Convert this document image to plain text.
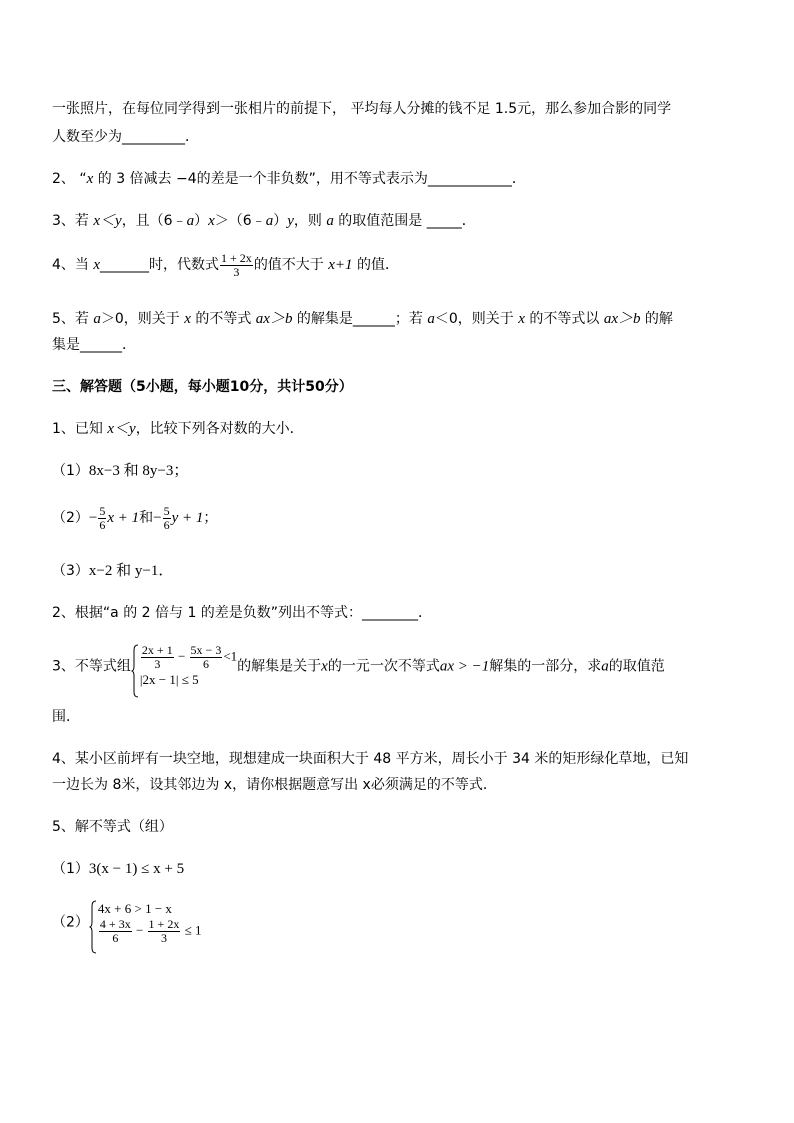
一张照片，在每位同学得到一张相片的前提下， 平均每人分摊的钱不足 1.5元，那么参加合影的同学
人数至少为_________．
2、 “x 的 3 倍减去 −4的差是一个非负数”，用不等式表示为____________．
3、若 x＜y，且（6﹣a）x＞（6﹣a）y，则 a 的取值范围是 _____．
4、当 x_______时，代数式 $\frac{1 + 2x}{3}$ 的值不大于 x+1 的值．
5、若 a＞0，则关于 x 的不等式 ax＞b 的解集是______；若 a＜0，则关于 x 的不等式以 ax＞b 的解
集是______．
三、解答题（5小题，每小题10分，共计50分）
1、已知 x＜y，比较下列各对数的大小．
（1）8x−3 和 8y−3；
$(2)- \frac{5}{6}$ x + 1和− $\frac{5}{6}$ y + 1；
（3）x−2 和 y−1．
2、根据“a 的 2 倍与 1 的差是负数”列出不等式：________．
3、不等式组 $\frac{2x + 1}{3} - \frac{5x - 3}{6} <1$
|2x − 1| ≤ 5
的解集是关于x的一元一次不等式ax > −1解集的一部分，求a的取值范
围．
4、某小区前坪有一块空地，现想建成一块面积大于 48 平方米，周长小于 34 米的矩形绿化草地，已知
一边长为 8米，设其邻边为 x，请你根据题意写出 x必须满足的不等式．
5、解不等式（组）
（1）3(x − 1) ≤ x + 5
（2）
4x + 6 > 1 − x
$\frac{4 + 3x}{6} - \frac{1 + 2x}{3} \le 1$
